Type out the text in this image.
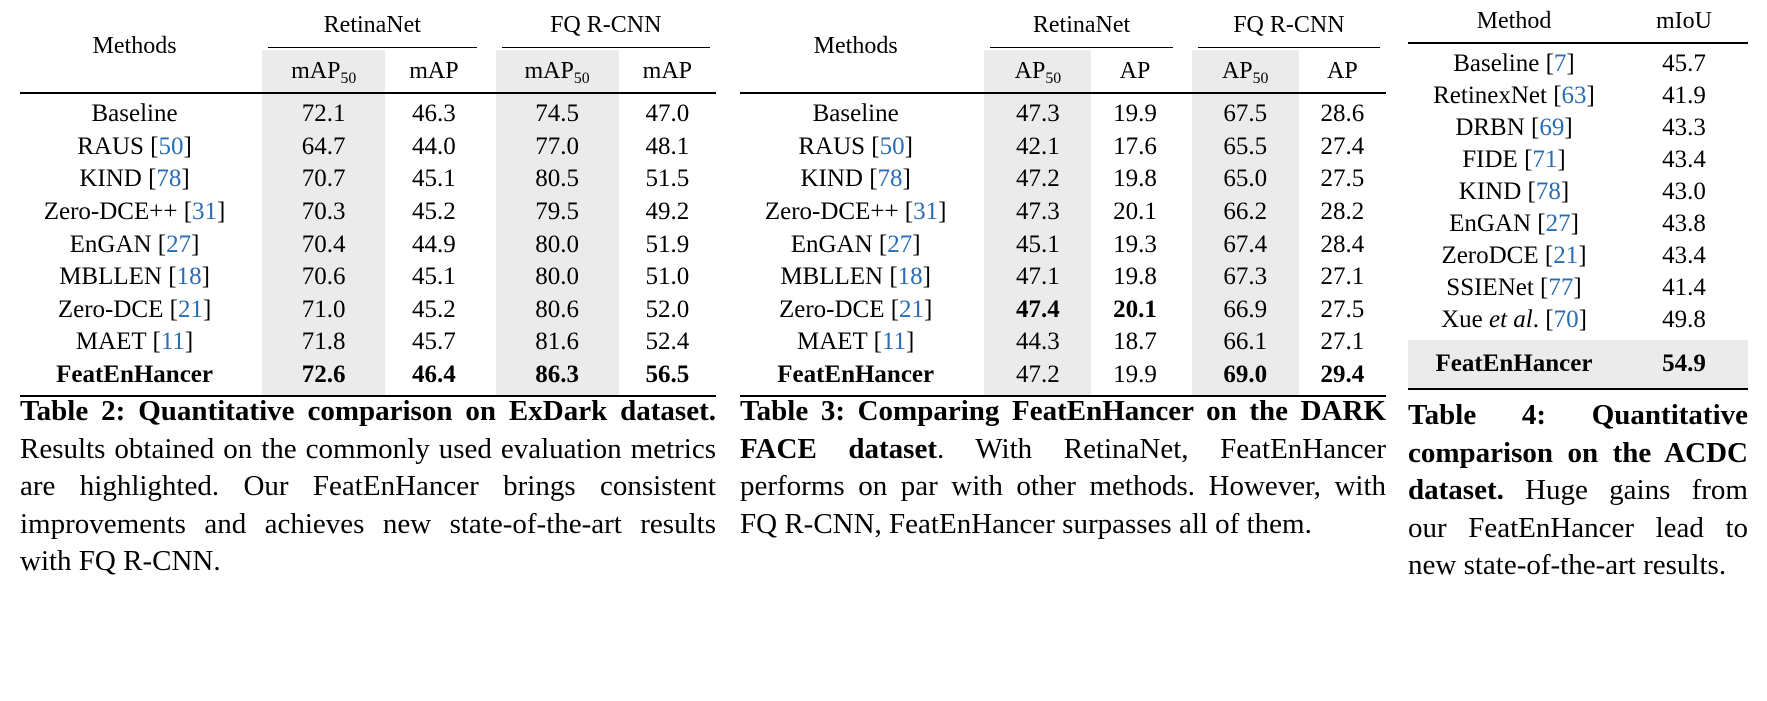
Methods		RetinaNet			FQ R-CNN	
		mAP$_{50}$	mAP		mAP$_{50}$	mAP
Baseline		72.1	46.3		74.5	47.0
RAUS [50]		64.7	44.0		77.0	48.1
KIND [78]		70.7	45.1		80.5	51.5
Zero-DCE++ [31]		70.3	45.2		79.5	49.2
EnGAN [27]		70.4	44.9		80.0	51.9
MBLLEN [18]		70.6	45.1		80.0	51.0
Zero-DCE [21]		71.0	45.2		80.6	52.0
MAET [11]		71.8	45.7		81.6	52.4
FeatEnHancer		72.6	46.4		86.3	56.5
Methods		RetinaNet			FQ R-CNN	
		$AP_{50}$	AP		$AP_{50}$	AP
Baseline		47.3	19.9		67.5	28.6
RAUS [50]		42.1	17.6		65.5	27.4
KIND [78]		47.2	19.8		65.0	27.5
Zero-DCE++ [31]		47.3	20.1		66.2	28.2
EnGAN [27]		45.1	19.3		67.4	28.4
MBLLEN [18]		47.1	19.8		67.3	27.1
Zero-DCE [21]		47.4	20.1		66.9	27.5
MAET [11]		44.3	18.7		66.1	27.1
FeatEnHancer		47.2	19.9		69.0	29.4
Method	mIoU
Baseline [7]	45.7
RetinexNet [63]	41.9
DRBN [69]	43.3
FIDE [71]	43.4
KIND [78]	43.0
EnGAN [27]	43.8
ZeroDCE [21]	43.4
SSIENet [77]	41.4
Xue et al. [70]	49.8
FeatEnHancer	54.9
Table 2: Quantitative comparison on ExDark dataset. Results obtained on the commonly used evaluation metrics are highlighted. Our FeatEnHancer brings consistent improvements and achieves new state-of-the-art results with FQ R-CNN.
Table 3: Comparing FeatEnHancer on the DARK FACE dataset. With RetinaNet, FeatEnHancer performs on par with other methods. However, with FQ R-CNN, FeatEnHancer surpasses all of them.
Table 4: Quantitative comparison on the ACDC dataset. Huge gains from our FeatEnHancer lead to new state-of-the-art results.
